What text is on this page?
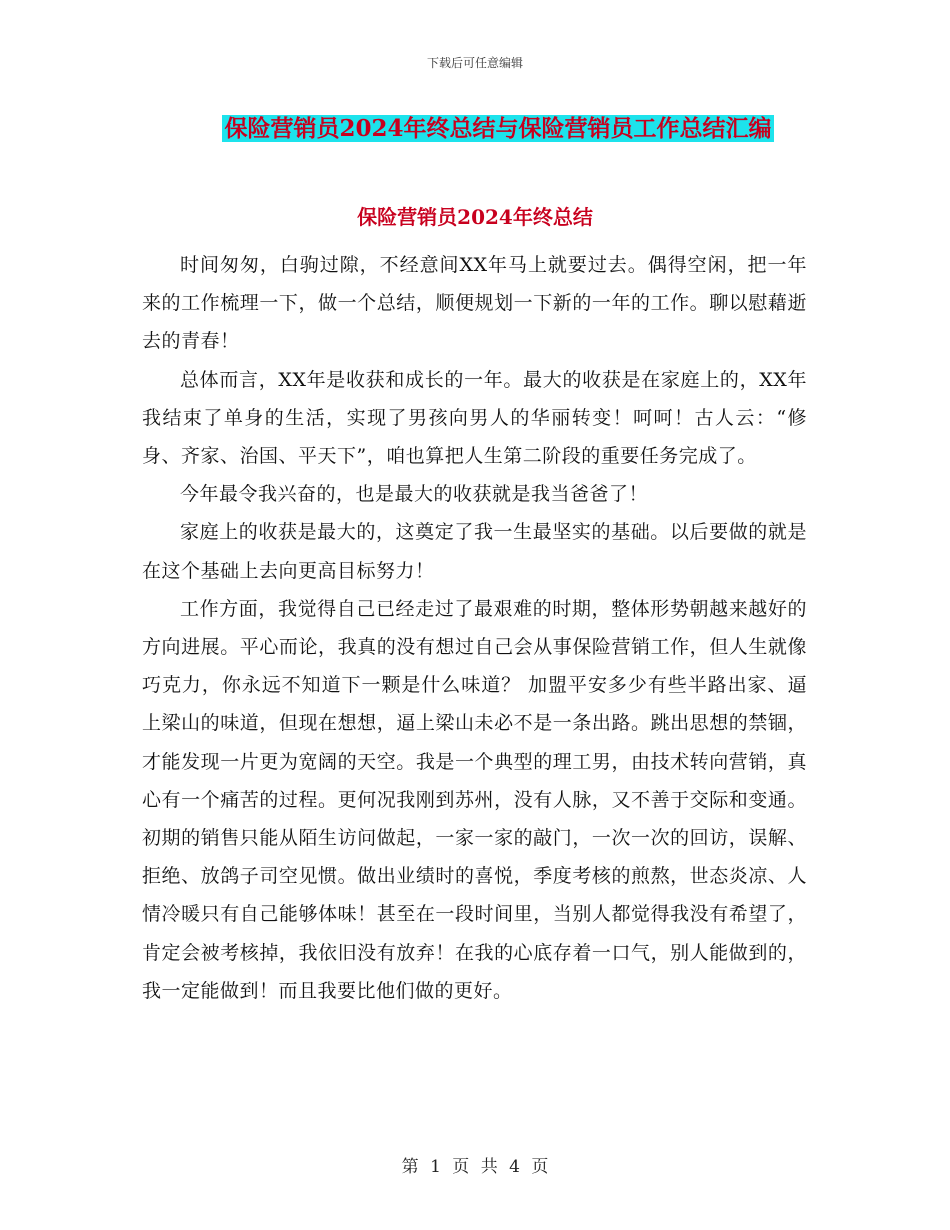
下载后可任意编辑
保险营销员2024年终总结与保险营销员工作总结汇编
保险营销员2024年终总结

时间匆匆，白驹过隙，不经意间XX年马上就要过去。偶得空闲，把一年来的工作梳理一下，做一个总结，顺便规划一下新的一年的工作。聊以慰藉逝去的青春！

总体而言，XX年是收获和成长的一年。最大的收获是在家庭上的，XX年我结束了单身的生活，实现了男孩向男人的华丽转变！呵呵！古人云：“修身、齐家、治国、平天下”，咱也算把人生第二阶段的重要任务完成了。

今年最令我兴奋的，也是最大的收获就是我当爸爸了！

家庭上的收获是最大的，这奠定了我一生最坚实的基础。以后要做的就是在这个基础上去向更高目标努力！

工作方面，我觉得自己已经走过了最艰难的时期，整体形势朝越来越好的方向进展。平心而论，我真的没有想过自己会从事保险营销工作，但人生就像巧克力，你永远不知道下一颗是什么味道？ 加盟平安多少有些半路出家、逼上梁山的味道，但现在想想，逼上梁山未必不是一条出路。跳出思想的禁锢，才能发现一片更为宽阔的天空。我是一个典型的理工男，由技术转向营销，真心有一个痛苦的过程。更何况我刚到苏州，没有人脉，又不善于交际和变通。初期的销售只能从陌生访问做起，一家一家的敲门，一次一次的回访，误解、拒绝、放鸽子司空见惯。做出业绩时的喜悦，季度考核的煎熬，世态炎凉、人情冷暖只有自己能够体味！甚至在一段时间里，当别人都觉得我没有希望了，肯定会被考核掉，我依旧没有放弃！在我的心底存着一口气，别人能做到的，我一定能做到！而且我要比他们做的更好。

第 1 页 共 4 页
